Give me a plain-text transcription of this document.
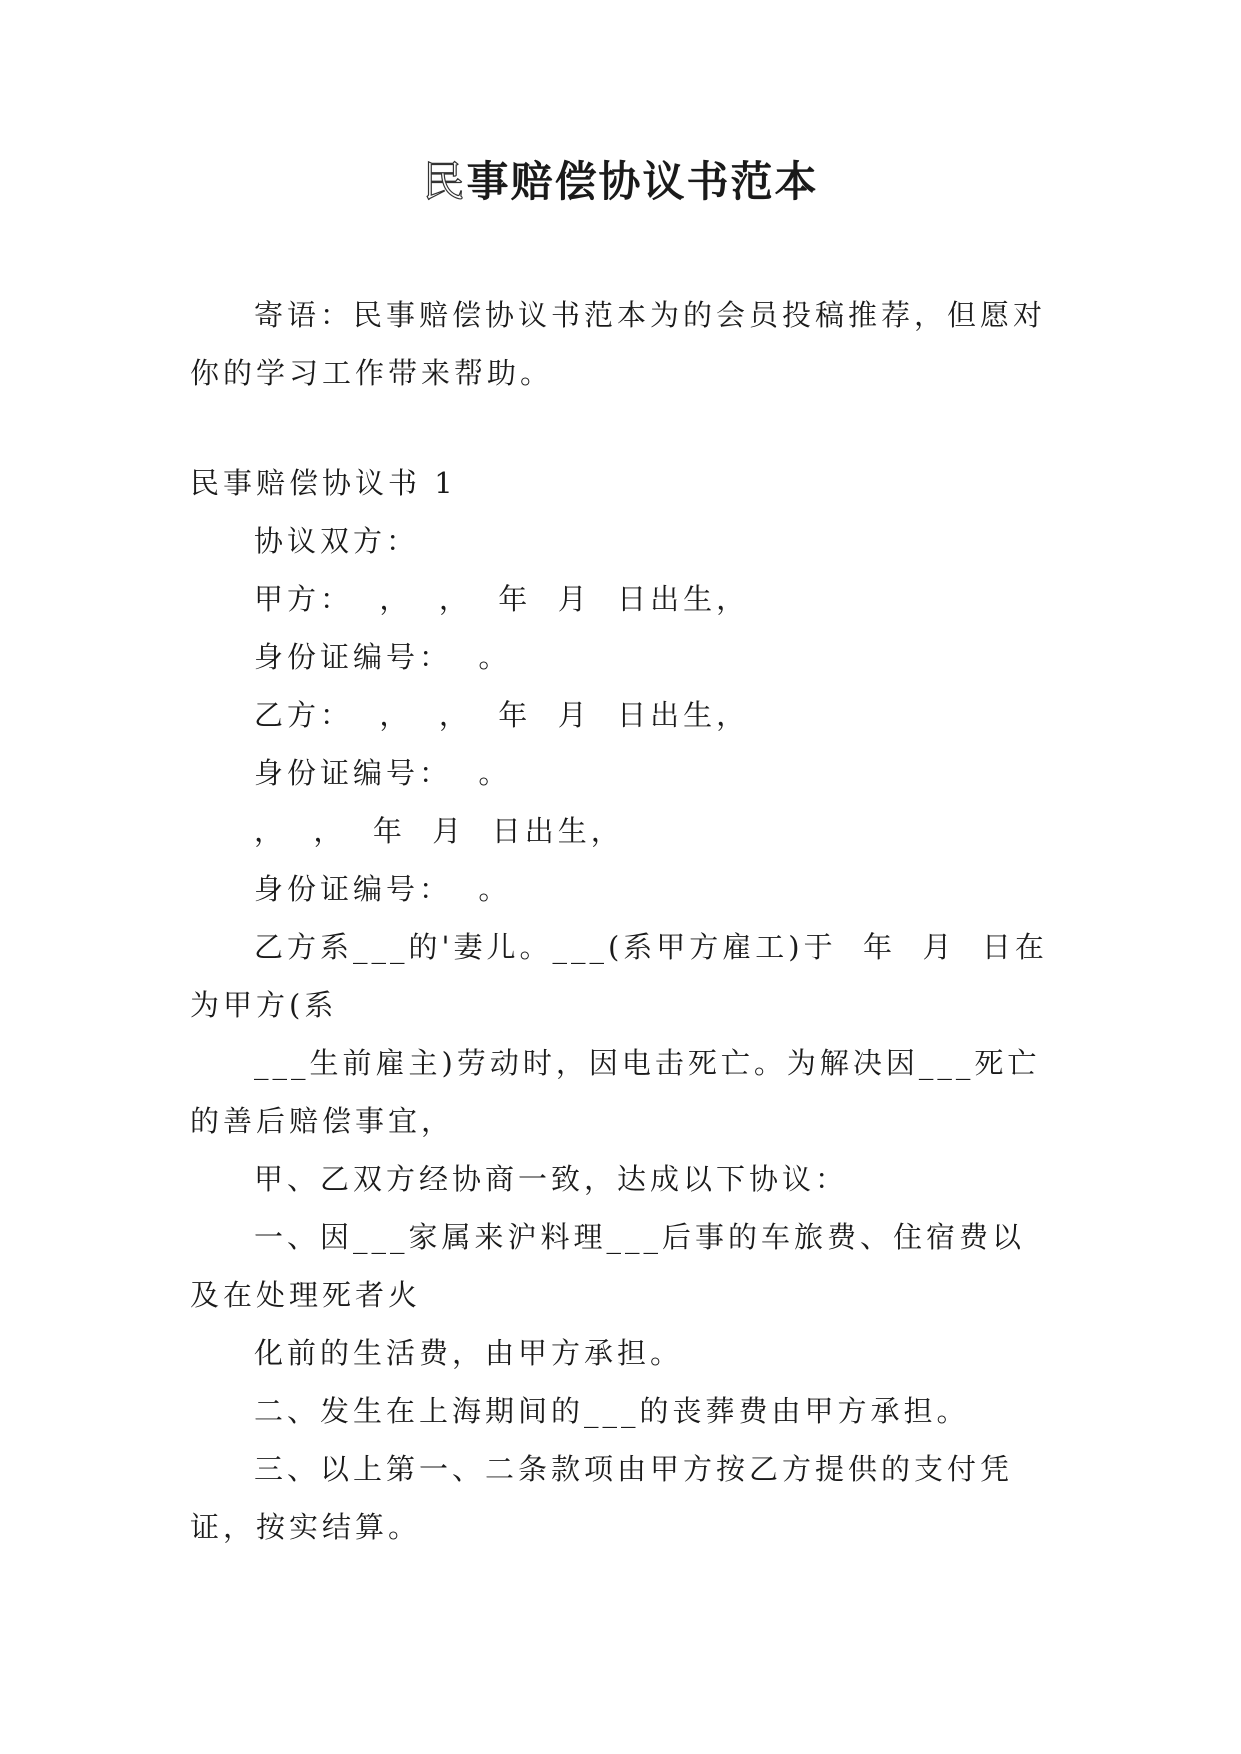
民事赔偿协议书范本

寄语：民事赔偿协议书范本为的会员投稿推荐，但愿对你的学习工作带来帮助。

民事赔偿协议书 1

协议双方：

甲方：  ，  ，  年  月  日出生，

身份证编号：  。

乙方：  ，  ，  年  月  日出生，

身份证编号：  。

，  ，  年  月  日出生，

身份证编号：  。

乙方系___的'妻儿。___(系甲方雇工)于  年  月  日在为甲方(系

___生前雇主)劳动时，因电击死亡。为解决因___死亡的善后赔偿事宜，

甲、乙双方经协商一致，达成以下协议：

一、因___家属来沪料理___后事的车旅费、住宿费以及在处理死者火

化前的生活费，由甲方承担。

二、发生在上海期间的___的丧葬费由甲方承担。

三、以上第一、二条款项由甲方按乙方提供的支付凭证，按实结算。
